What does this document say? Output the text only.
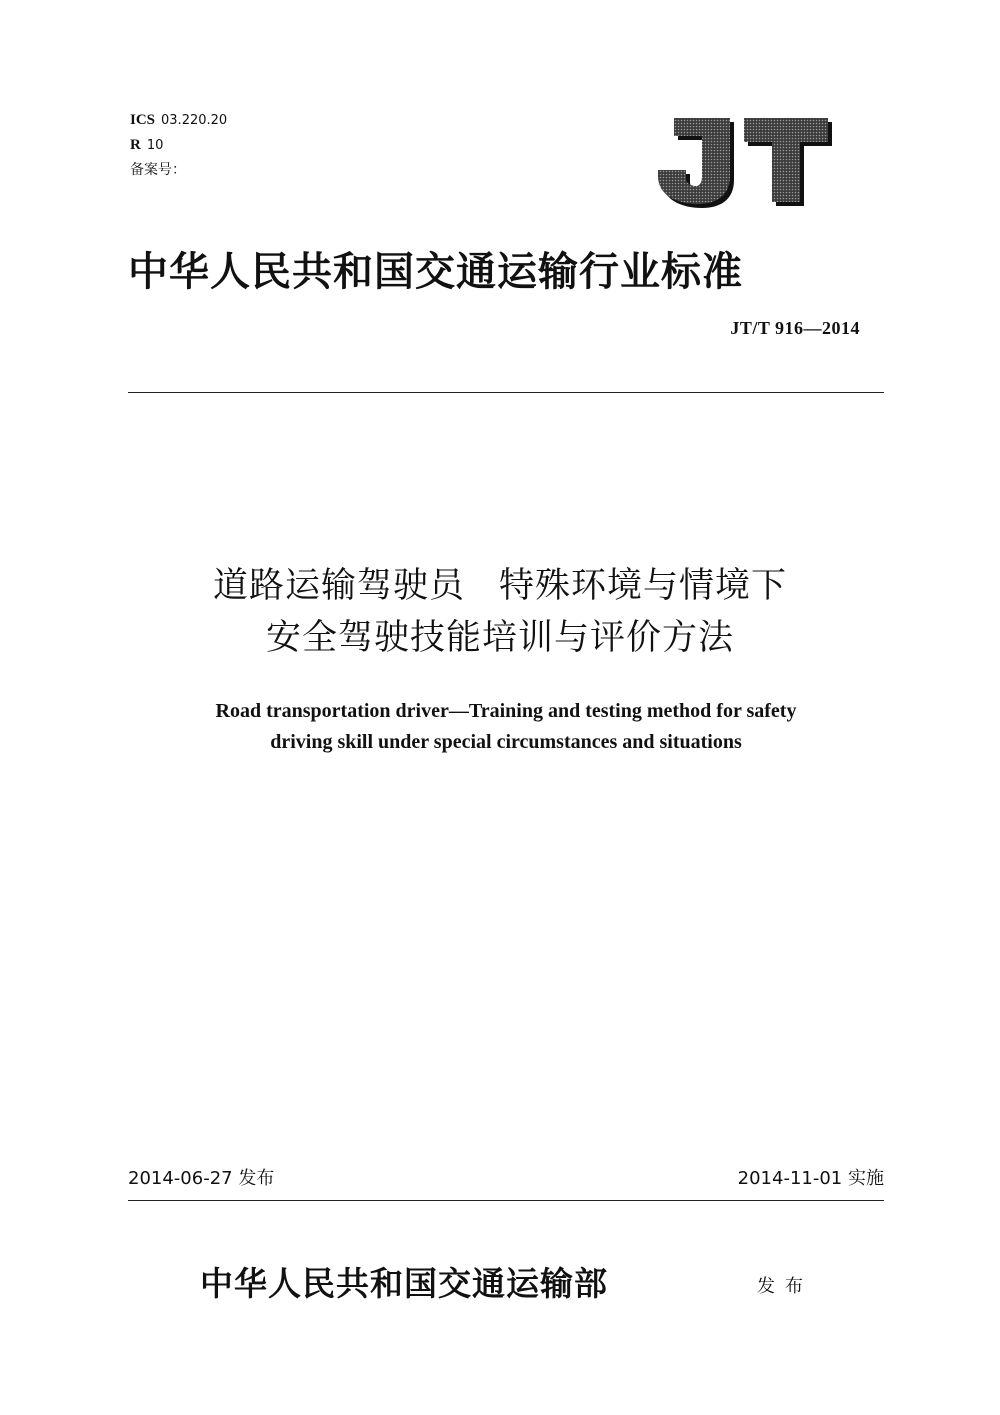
ICS 03.220.20
R 10
备案号：
中华人民共和国交通运输行业标准
JT/T 916—2014
道路运输驾驶员 特殊环境与情境下
安全驾驶技能培训与评价方法
Road transportation driver—Training and testing method for safety
driving skill under special circumstances and situations
2014-06-27 发布	2014-11-01 实施
中华人民共和国交通运输部	发布
